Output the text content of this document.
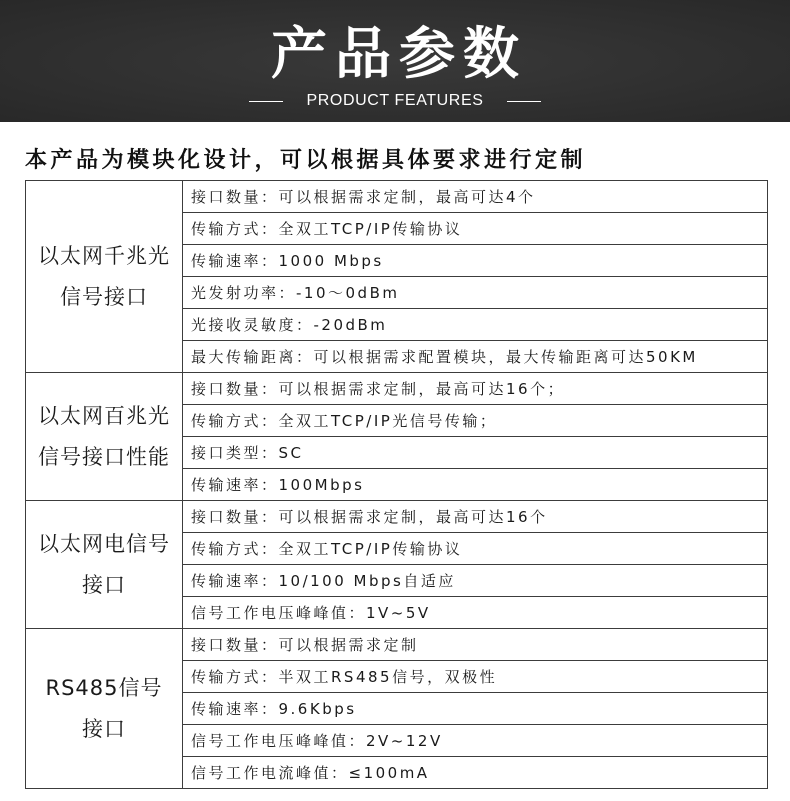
产品参数
PRODUCT FEATURES
本产品为模块化设计，可以根据具体要求进行定制
以太网千兆光
信号接口	接口数量：可以根据需求定制，最高可达4个
	传输方式：全双工TCP/IP传输协议
	传输速率：1000 Mbps
	光发射功率：-10～0dBm
	光接收灵敏度：-20dBm
	最大传输距离：可以根据需求配置模块，最大传输距离可达50KM

以太网百兆光
信号接口性能	接口数量：可以根据需求定制，最高可达16个；
	传输方式：全双工TCP/IP光信号传输；
	接口类型：SC
	传输速率：100Mbps

以太网电信号
接口	接口数量：可以根据需求定制，最高可达16个
	传输方式：全双工TCP/IP传输协议
	传输速率：10/100 Mbps自适应
	信号工作电压峰峰值：1V~5V

RS485信号
接口	接口数量：可以根据需求定制
	传输方式：半双工RS485信号，双极性
	传输速率：9.6Kbps
	信号工作电压峰峰值：2V~12V
	信号工作电流峰值：≤100mA
